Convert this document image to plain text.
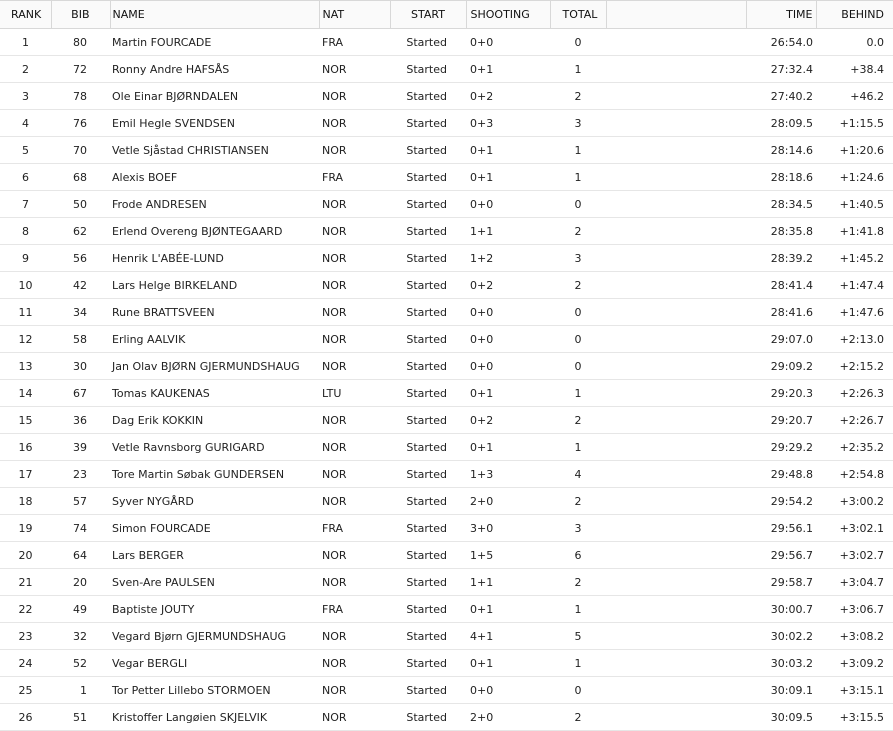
RANK	BIB	NAME	NAT	START	SHOOTING	TOTAL		TIME	BEHIND
1	80	Martin FOURCADE	FRA	Started	0+0	0		26:54.0	0.0
2	72	Ronny Andre HAFSÅS	NOR	Started	0+1	1		27:32.4	+38.4
3	78	Ole Einar BJØRNDALEN	NOR	Started	0+2	2		27:40.2	+46.2
4	76	Emil Hegle SVENDSEN	NOR	Started	0+3	3		28:09.5	+1:15.5
5	70	Vetle Sjåstad CHRISTIANSEN	NOR	Started	0+1	1		28:14.6	+1:20.6
6	68	Alexis BOEF	FRA	Started	0+1	1		28:18.6	+1:24.6
7	50	Frode ANDRESEN	NOR	Started	0+0	0		28:34.5	+1:40.5
8	62	Erlend Overeng BJØNTEGAARD	NOR	Started	1+1	2		28:35.8	+1:41.8
9	56	Henrik L'ABÉE-LUND	NOR	Started	1+2	3		28:39.2	+1:45.2
10	42	Lars Helge BIRKELAND	NOR	Started	0+2	2		28:41.4	+1:47.4
11	34	Rune BRATTSVEEN	NOR	Started	0+0	0		28:41.6	+1:47.6
12	58	Erling AALVIK	NOR	Started	0+0	0		29:07.0	+2:13.0
13	30	Jan Olav BJØRN GJERMUNDSHAUG	NOR	Started	0+0	0		29:09.2	+2:15.2
14	67	Tomas KAUKENAS	LTU	Started	0+1	1		29:20.3	+2:26.3
15	36	Dag Erik KOKKIN	NOR	Started	0+2	2		29:20.7	+2:26.7
16	39	Vetle Ravnsborg GURIGARD	NOR	Started	0+1	1		29:29.2	+2:35.2
17	23	Tore Martin Søbak GUNDERSEN	NOR	Started	1+3	4		29:48.8	+2:54.8
18	57	Syver NYGÅRD	NOR	Started	2+0	2		29:54.2	+3:00.2
19	74	Simon FOURCADE	FRA	Started	3+0	3		29:56.1	+3:02.1
20	64	Lars BERGER	NOR	Started	1+5	6		29:56.7	+3:02.7
21	20	Sven-Are PAULSEN	NOR	Started	1+1	2		29:58.7	+3:04.7
22	49	Baptiste JOUTY	FRA	Started	0+1	1		30:00.7	+3:06.7
23	32	Vegard Bjørn GJERMUNDSHAUG	NOR	Started	4+1	5		30:02.2	+3:08.2
24	52	Vegar BERGLI	NOR	Started	0+1	1		30:03.2	+3:09.2
25	1	Tor Petter Lillebo STORMOEN	NOR	Started	0+0	0		30:09.1	+3:15.1
26	51	Kristoffer Langøien SKJELVIK	NOR	Started	2+0	2		30:09.5	+3:15.5
